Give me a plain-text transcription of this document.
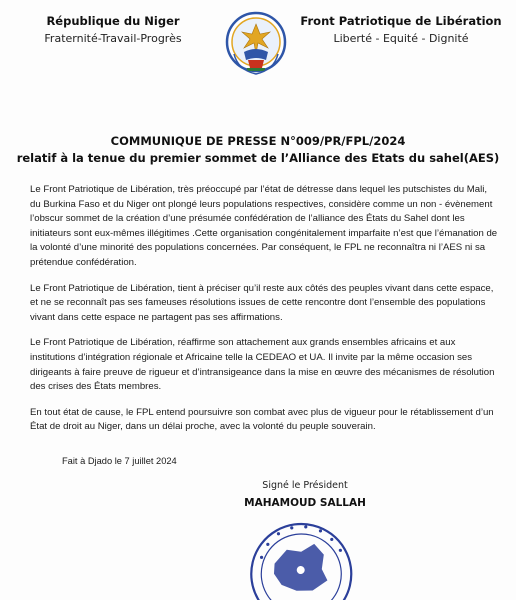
République du Niger
Fraternité-Travail-Progrès
Front Patriotique de Libération
Liberté - Equité - Dignité
COMMUNIQUE DE PRESSE N°009/PR/FPL/2024
relatif à la tenue du premier sommet de l’Alliance des Etats du sahel(AES)

Le Front Patriotique de Libération, très préoccupé par l’état de détresse dans lequel les putschistes du Mali, du Burkina Faso et du Niger ont plongé leurs populations respectives, considère comme un non - évènement l’obscur sommet de la création d’une présumée confédération de l’alliance des États du Sahel dont les initiateurs sont eux-mêmes illégitimes .Cette organisation congénitalement imparfaite n’est que l’émanation de la volonté d’une minorité des populations concernées. Par conséquent, le FPL ne reconnaîtra ni l’AES ni sa prétendue confédération.

Le Front Patriotique de Libération, tient à préciser qu’il reste aux côtés des peuples vivant dans cette espace, et ne se reconnaît pas ses fameuses résolutions issues de cette rencontre dont l’ensemble des populations vivant dans cette espace ne partagent pas ses affirmations.

Le Front Patriotique de Libération, réaffirme son attachement aux grands ensembles africains et aux institutions d’intégration régionale et Africaine telle la CEDEAO et UA. Il invite par la même occasion ses dirigeants à faire preuve de rigueur et d’intransigeance dans la mise en œuvre des mécanismes de résolution des crises des États membres.

En tout état de cause, le FPL entend poursuivre son combat avec plus de vigueur pour le rétablissement d’un État de droit au Niger, dans un délai proche, avec la volonté du peuple souverain.

Fait à Djado le 7 juillet 2024
Signé le Président
MAHAMOUD SALLAH
